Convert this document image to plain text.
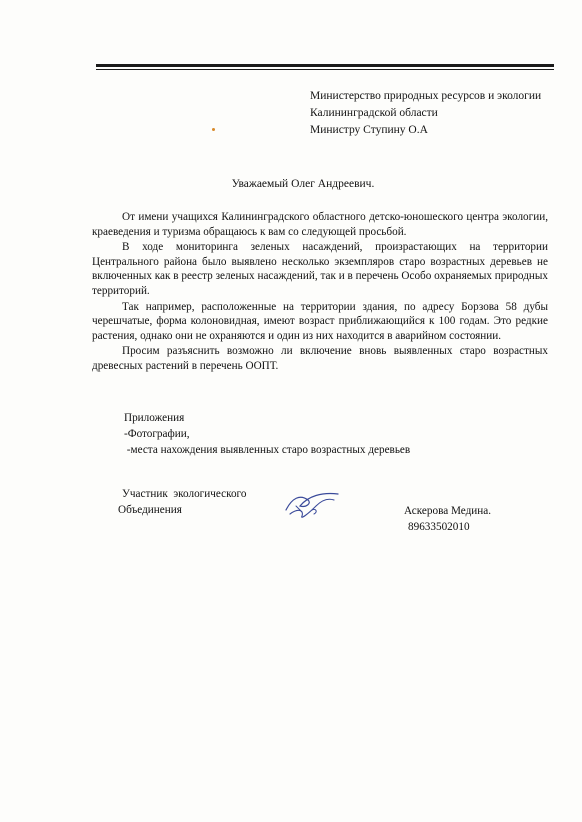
Министерство природных ресурсов и экологии
Калининградской области
Министру Ступину О.А
Уважаемый Олег Андреевич.

От имени учащихся Калининградского областного детско-юношеского центра экологии, краеведения и туризма обращаюсь к вам со следующей просьбой.

В ходе мониторинга зеленых насаждений, произрастающих на территории Центрального района было выявлено несколько экземпляров старо возрастных деревьев не включенных как в реестр зеленых насаждений, так и в перечень Особо охраняемых природных территорий.

Так например, расположенные на территории здания, по адресу Борзова 58 дубы черешчатые, форма колоновидная, имеют возраст приближающийся к 100 годам. Это редкие растения, однако они не охраняются и один из них находится в аварийном состоянии.

Просим разъяснить возможно ли включение вновь выявленных старо возрастных древесных растений в перечень ООПТ.

Приложения
-Фотографии,
-места нахождения выявленных старо возрастных деревьев
Участник  экологического
Объединения	Аскерова Медина.
89633502010
